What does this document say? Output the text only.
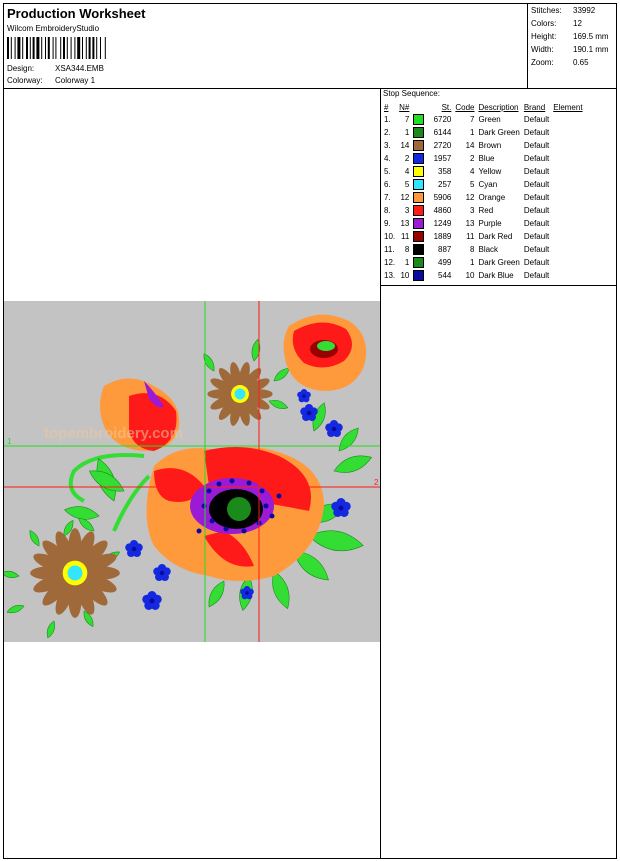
Production Worksheet
Wilcom EmbroideryStudio
Design:	XSA344.EMB
Colorway: Colorway 1
Stitches: 33992
Colors: 12
Height: 169.5 mm
Width: 190.1 mm
Zoom: 0.65
Stop Sequence:
#	N#	St.	Code	Description	Brand	Element
1.	7	6720	7	Green	Default	
2.	1	6144	1	Dark Green	Default	
3.	14	2720	14	Brown	Default	
4.	2	1957	2	Blue	Default	
5.	4	358	4	Yellow	Default	
6.	5	257	5	Cyan	Default	
7.	12	5906	12	Orange	Default	
8.	3	4860	3	Red	Default	
9.	13	1249	13	Purple	Default	
10.	11	1889	11	Dark Red	Default	
11.	8	887	8	Black	Default	
12.	1	499	1	Dark Green	Default	
13.	10	544	10	Dark Blue	Default	
topembroidery.com
1
2
